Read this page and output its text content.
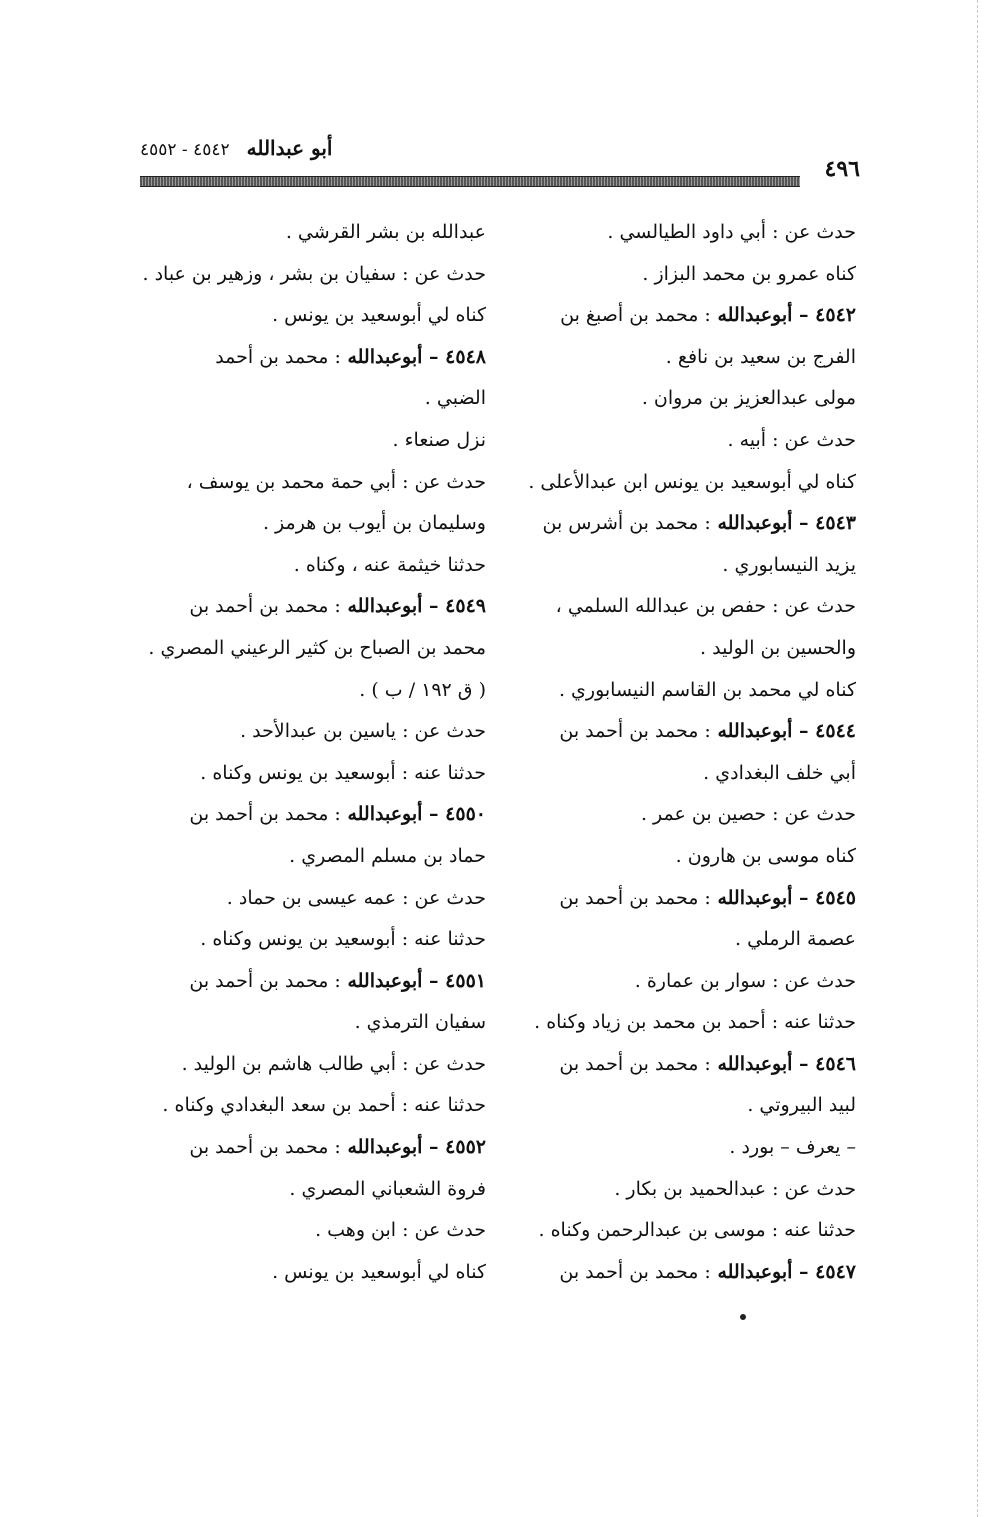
٤٩٦
أبو عبدالله ٤٥٤٢ - ٤٥٥٢
حدث عن : أبي داود الطيالسي .
كناه عمرو بن محمد البزاز .
٤٥٤٢ – أبوعبدالله : محمد بن أصبغ بن
الفرج بن سعيد بن نافع .
مولى عبدالعزيز بن مروان .
حدث عن : أبيه .
كناه لي أبوسعيد بن يونس ابن عبدالأعلى .
٤٥٤٣ – أبوعبدالله : محمد بن أشرس بن
يزيد النيسابوري .
حدث عن : حفص بن عبدالله السلمي ،
والحسين بن الوليد .
كناه لي محمد بن القاسم النيسابوري .
٤٥٤٤ – أبوعبدالله : محمد بن أحمد بن
أبي خلف البغدادي .
حدث عن : حصين بن عمر .
كناه موسى بن هارون .
٤٥٤٥ – أبوعبدالله : محمد بن أحمد بن
عصمة الرملي .
حدث عن : سوار بن عمارة .
حدثنا عنه : أحمد بن محمد بن زياد وكناه .
٤٥٤٦ – أبوعبدالله : محمد بن أحمد بن
لبيد البيروتي .
– يعرف – بورد .
حدث عن : عبدالحميد بن بكار .
حدثنا عنه : موسى بن عبدالرحمن وكناه .
٤٥٤٧ – أبوعبدالله : محمد بن أحمد بن
عبدالله بن بشر القرشي .
حدث عن : سفيان بن بشر ، وزهير بن عباد .
كناه لي أبوسعيد بن يونس .
٤٥٤٨ – أبوعبدالله : محمد بن أحمد
الضبي .
نزل صنعاء .
حدث عن : أبي حمة محمد بن يوسف ،
وسليمان بن أيوب بن هرمز .
حدثنا خيثمة عنه ، وكناه .
٤٥٤٩ – أبوعبدالله : محمد بن أحمد بن
محمد بن الصباح بن كثير الرعيني المصري .
( ق ١٩٢ / ب ) .
حدث عن : ياسين بن عبدالأحد .
حدثنا عنه : أبوسعيد بن يونس وكناه .
٤٥٥٠ – أبوعبدالله : محمد بن أحمد بن
حماد بن مسلم المصري .
حدث عن : عمه عيسى بن حماد .
حدثنا عنه : أبوسعيد بن يونس وكناه .
٤٥٥١ – أبوعبدالله : محمد بن أحمد بن
سفيان الترمذي .
حدث عن : أبي طالب هاشم بن الوليد .
حدثنا عنه : أحمد بن سعد البغدادي وكناه .
٤٥٥٢ – أبوعبدالله : محمد بن أحمد بن
فروة الشعباني المصري .
حدث عن : ابن وهب .
كناه لي أبوسعيد بن يونس .
